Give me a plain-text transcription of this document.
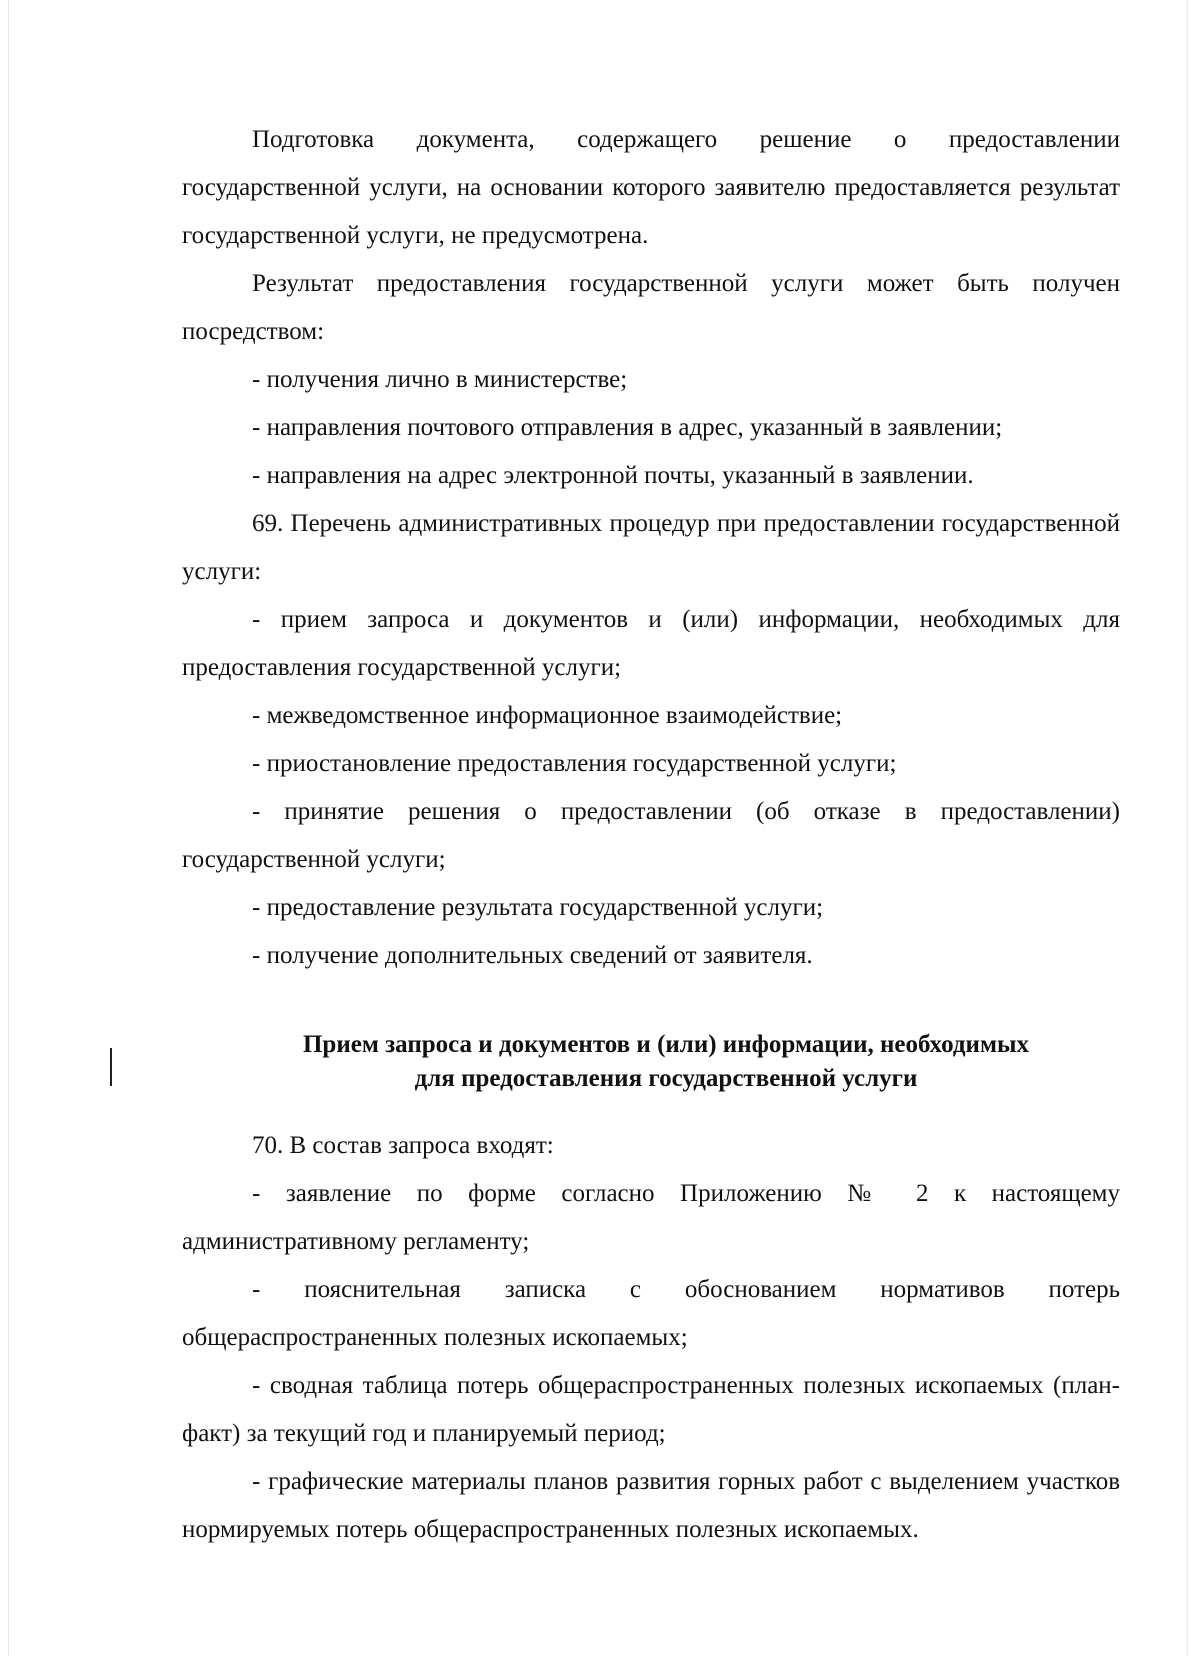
Подготовка документа, содержащего решение о предоставлении государственной услуги, на основании которого заявителю предоставляется результат государственной услуги, не предусмотрена.

Результат предоставления государственной услуги может быть получен посредством:

- получения лично в министерстве;

- направления почтового отправления в адрес, указанный в заявлении;

- направления на адрес электронной почты, указанный в заявлении.

69. Перечень административных процедур при предоставлении государственной услуги:

- прием запроса и документов и (или) информации, необходимых для предоставления государственной услуги;

- межведомственное информационное взаимодействие;

- приостановление предоставления государственной услуги;

- принятие решения о предоставлении (об отказе в предоставлении) государственной услуги;

- предоставление результата государственной услуги;

- получение дополнительных сведений от заявителя.

Прием запроса и документов и (или) информации, необходимых
для предоставления государственной услуги

70. В состав запроса входят:

- заявление по форме согласно Приложению № 2 к настоящему административному регламенту;

- пояснительная записка с обоснованием нормативов потерь общераспространенных полезных ископаемых;

- сводная таблица потерь общераспространенных полезных ископаемых (план-факт) за текущий год и планируемый период;

- графические материалы планов развития горных работ с выделением участков нормируемых потерь общераспространенных полезных ископаемых.
